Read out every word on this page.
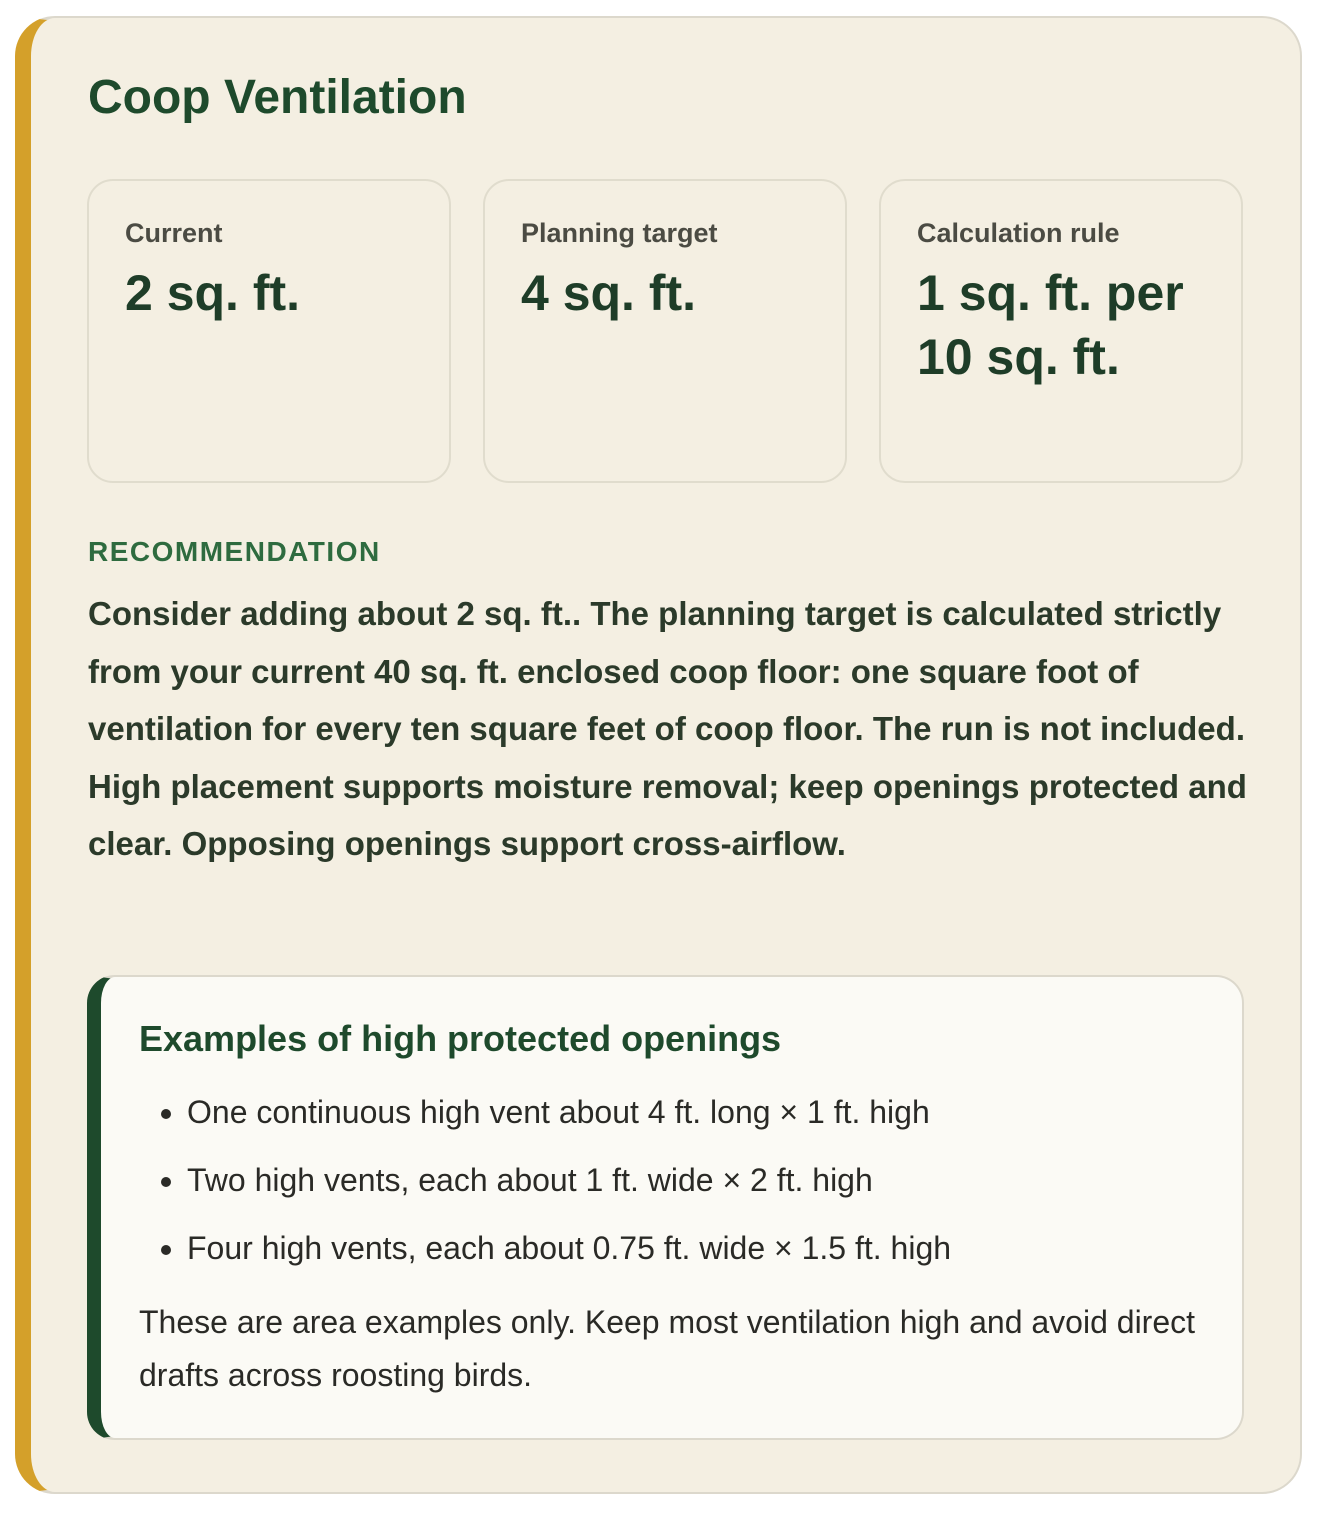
Coop Ventilation
Current
2 sq. ft.
Planning target
4 sq. ft.
Calculation rule
1 sq. ft. per 10 sq. ft.
RECOMMENDATION

Consider adding about 2 sq. ft.. The planning target is calculated strictly from your current 40 sq. ft. enclosed coop floor: one square foot of ventilation for every ten square feet of coop floor. The run is not included. High placement supports moisture removal; keep openings protected and clear. Opposing openings support cross-airflow.

Examples of high protected openings
• One continuous high vent about 4 ft. long × 1 ft. high
• Two high vents, each about 1 ft. wide × 2 ft. high
• Four high vents, each about 0.75 ft. wide × 1.5 ft. high

These are area examples only. Keep most ventilation high and avoid direct drafts across roosting birds.
